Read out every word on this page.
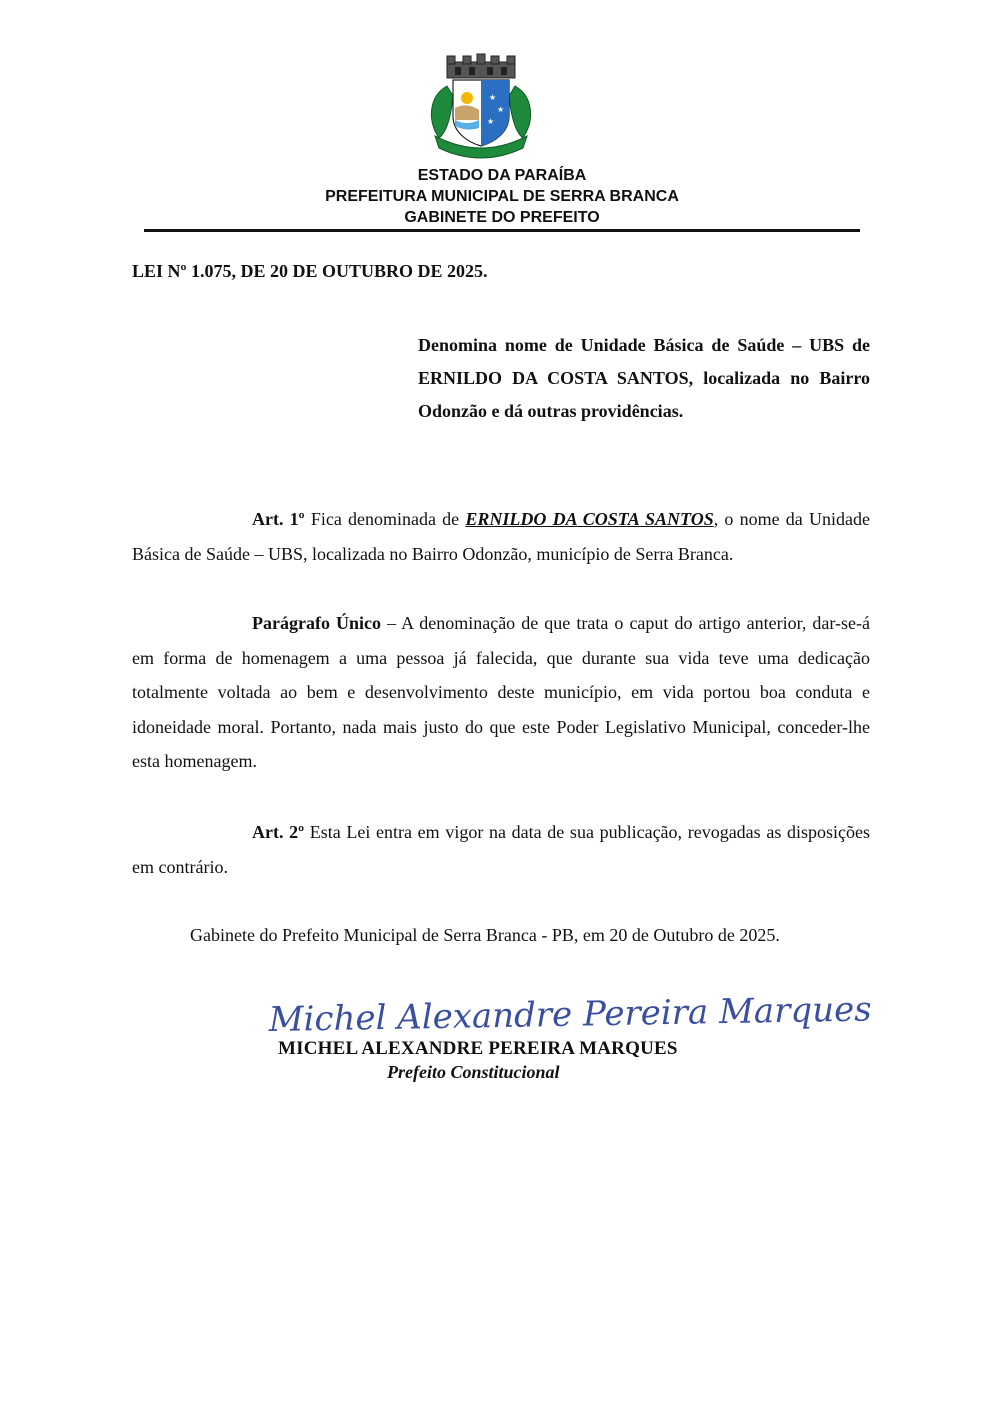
★
★
★
ESTADO DA PARAÍBA
PREFEITURA MUNICIPAL DE SERRA BRANCA
GABINETE DO PREFEITO
LEI Nº 1.075, DE 20 DE OUTUBRO DE 2025.
Denomina nome de Unidade Básica de Saúde – UBS de ERNILDO DA COSTA SANTOS, localizada no Bairro Odonzão e dá outras providências.
Art. 1º Fica denominada de ERNILDO DA COSTA SANTOS, o nome da Unidade Básica de Saúde – UBS, localizada no Bairro Odonzão, município de Serra Branca.
Parágrafo Único – A denominação de que trata o caput do artigo anterior, dar-se-á em forma de homenagem a uma pessoa já falecida, que durante sua vida teve uma dedicação totalmente voltada ao bem e desenvolvimento deste município, em vida portou boa conduta e idoneidade moral. Portanto, nada mais justo do que este Poder Legislativo Municipal, conceder-lhe esta homenagem.
Art. 2º Esta Lei entra em vigor na data de sua publicação, revogadas as disposições em contrário.
Gabinete do Prefeito Municipal de Serra Branca - PB, em 20 de Outubro de 2025.
Michel Alexandre Pereira Marques
MICHEL ALEXANDRE PEREIRA MARQUES
Prefeito Constitucional
